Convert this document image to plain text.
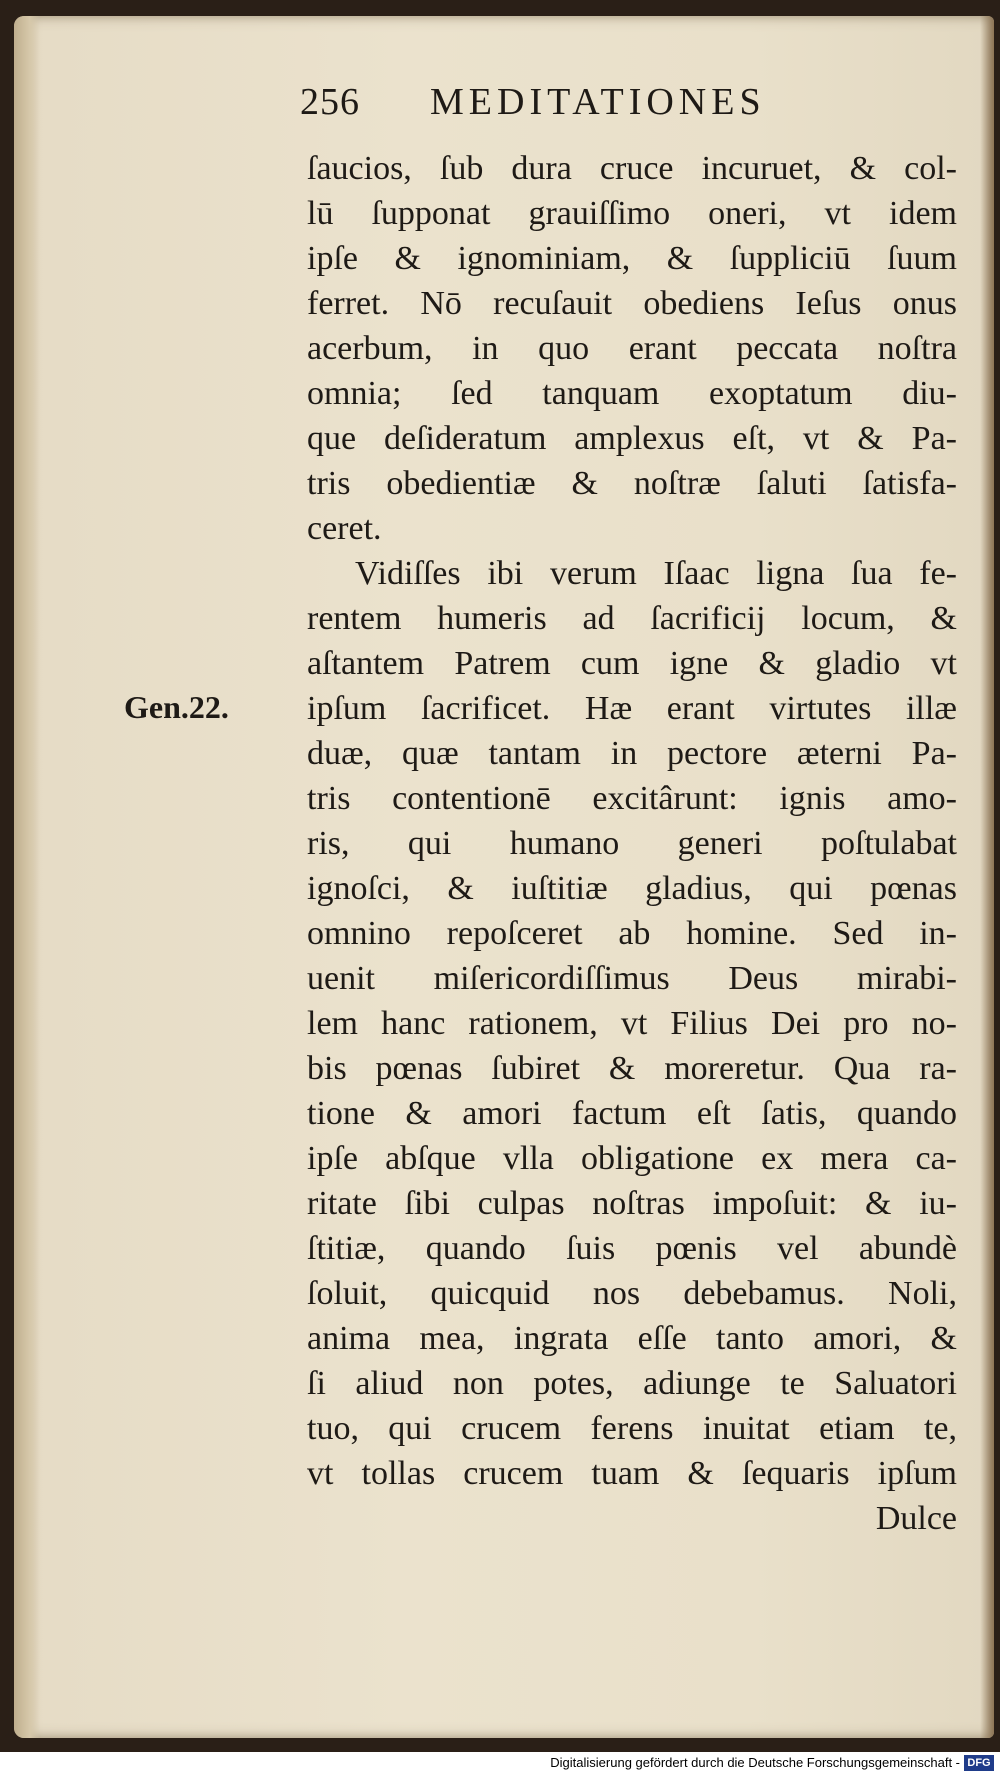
256 MEDITATIONES
Gen.22.
ſaucios, ſub dura cruce incuruet, & col-
lū ſupponat grauiſſimo oneri, vt idem
ipſe & ignominiam, & ſuppliciū ſuum
ferret. Nō recuſauit obediens Ieſus onus
acerbum, in quo erant peccata noſtra
omnia; ſed tanquam exoptatum diu-
que deſideratum amplexus eſt, vt & Pa-
tris obedientiæ & noſtræ ſaluti ſatisfa-
ceret.
Vidiſſes ibi verum Iſaac ligna ſua fe-
rentem humeris ad ſacrificij locum, &
aſtantem Patrem cum igne & gladio vt
ipſum ſacrificet. Hæ erant virtutes illæ
duæ, quæ tantam in pectore æterni Pa-
tris contentionē excitârunt: ignis amo-
ris, qui humano generi poſtulabat
ignoſci, & iuſtitiæ gladius, qui pœnas
omnino repoſceret ab homine. Sed in-
uenit miſericordiſſimus Deus mirabi-
lem hanc rationem, vt Filius Dei pro no-
bis pœnas ſubiret & moreretur. Qua ra-
tione & amori factum eſt ſatis, quando
ipſe abſque vlla obligatione ex mera ca-
ritate ſibi culpas noſtras impoſuit: & iu-
ſtitiæ, quando ſuis pœnis vel abundè
ſoluit, quicquid nos debebamus. Noli,
anima mea, ingrata eſſe tanto amori, &
ſi aliud non potes, adiunge te Saluatori
tuo, qui crucem ferens inuitat etiam te,
vt tollas crucem tuam & ſequaris ipſum
Dulce
Digitalisierung gefördert durch die Deutsche Forschungsgemeinschaft - DFG
